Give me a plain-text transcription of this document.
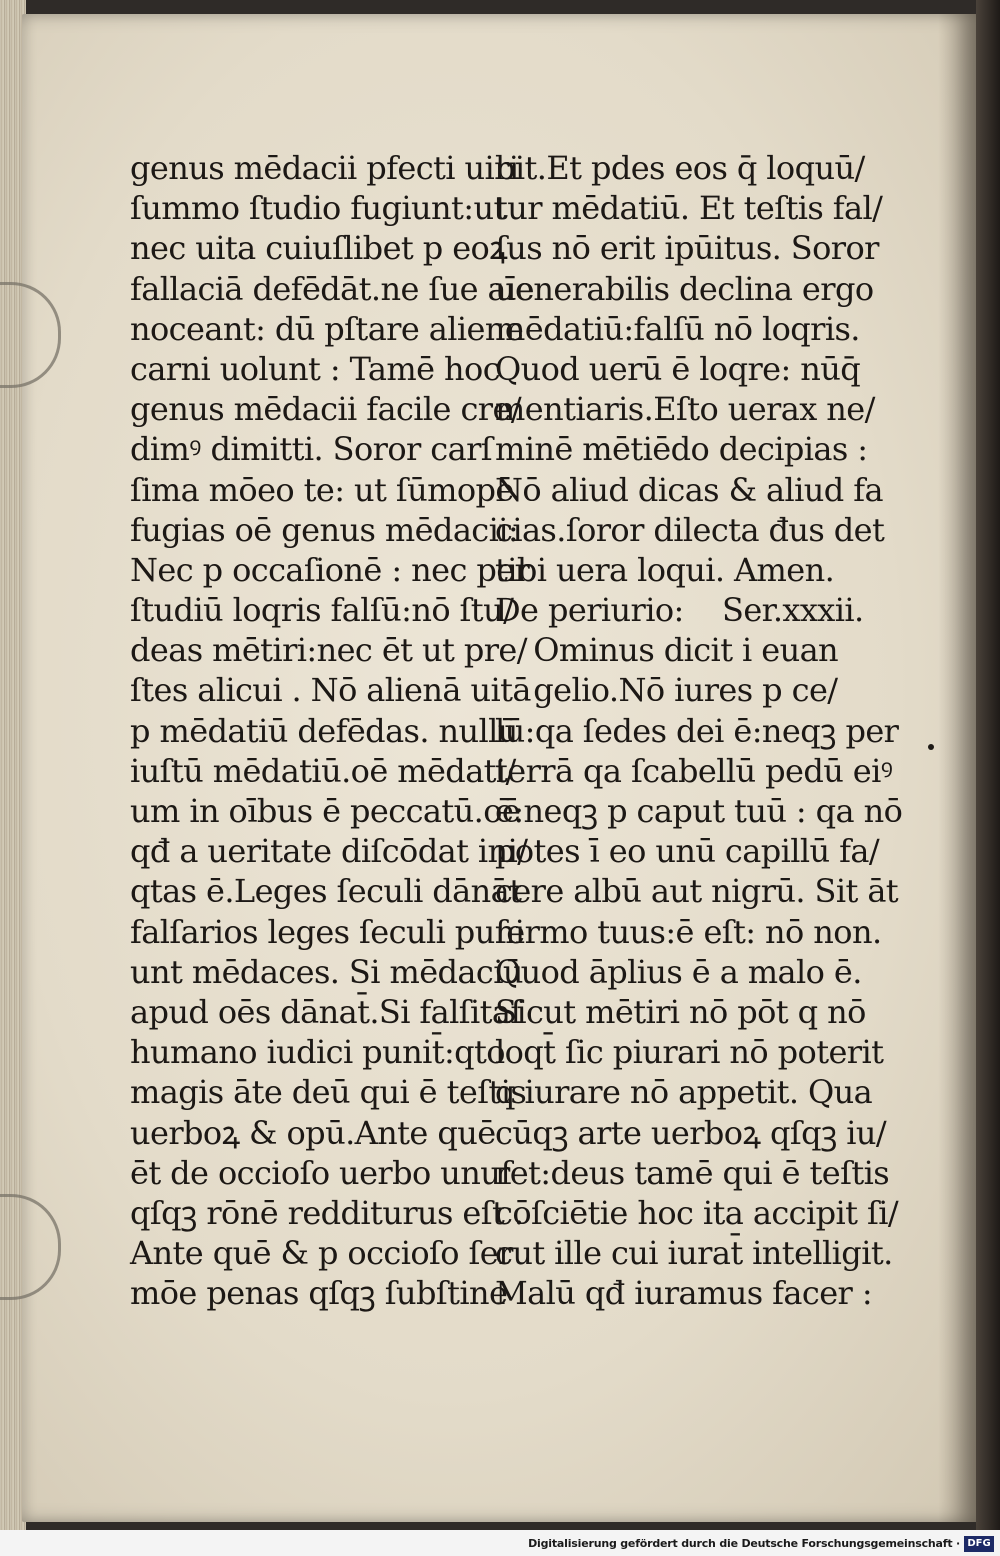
genus mēdacii pfecti uiri
ſummo ſtudio fugiunt:ut
nec uita cuiuſlibet p eoꝝ
fallaciā defēdāt.ne ſue aīe
noceant: dū pſtare aliene
carni uolunt : Tamē hoc
genus mēdacii facile cre/
dimꝰ dimitti. Soror carſ
ſima mōeo te: ut ſūmopē
fugias oē genus mēdacii:
Nec p occaſionē : nec per
ſtudiū loqris falſū:nō ſtu/
deas mētiri:nec ēt ut pre/
ſtes alicui . Nō alienā uitā
p mēdatiū defēdas. nullū
iuſtū mēdatiū.oē mēdati/
um in oībus ē peccatū.oē
qđ a ueritate diſcōdat ini/
qtas ē.Leges ſeculi dānāt
falſarios leges ſeculi puni
unt mēdaces. Si mēdaciū
apud oēs dānat̄.Si falſitaſ
humano iudici punit̄:qto
magis āte deū qui ē teſtis
uerboꝝ & opū.Ante quē
ēt de occioſo uerbo unuſ
qſqꝫ rōnē redditurus eſt .
Ante quē & p occioſo ſer
mōe penas qſqꝫ ſubſtine
bit.Et pdes eos q̄ loquū/
tur mēdatiū. Et teſtis fal/
ſus nō erit ipūitus. Soror
uenerabilis declina ergo
mēdatiū:falſū nō loqris.
Quod uerū ē loqre: nūq̄
mentiaris.Eſto uerax ne/
minē mētiēdo decipias :
Nō aliud dicas & aliud fa
cias.ſoror dilecta đus det
tibi uera loqui. Amen.
De periurio:    Ser.xxxii.
Ominus dicit i euan
gelio.Nō iures p ce/
lū:qa ſedes dei ē:neqꝫ per
terrā qa ſcabellū pedū eiꝰ
ē:neqꝫ p caput tuū : qa nō
potes ī eo unū capillū fa/
cere albū aut nigrū. Sit āt
ſermo tuus:ē eſt: nō non.
Quod āplius ē a malo ē.
Sicut mētiri nō pōt q nō
loqt̄ ſic piurari nō poterit
q iurare nō appetit. Qua
cūqꝫ arte uerboꝝ qſqꝫ iu/
ret:deus tamē qui ē teſtis
cōſciētie hoc ita accipit ſi/
cut ille cui iurat̄ intelligit.
Malū qđ iuramus facer :
Digitalisierung gefördert durch die Deutsche Forschungsgemeinschaft · DFG
